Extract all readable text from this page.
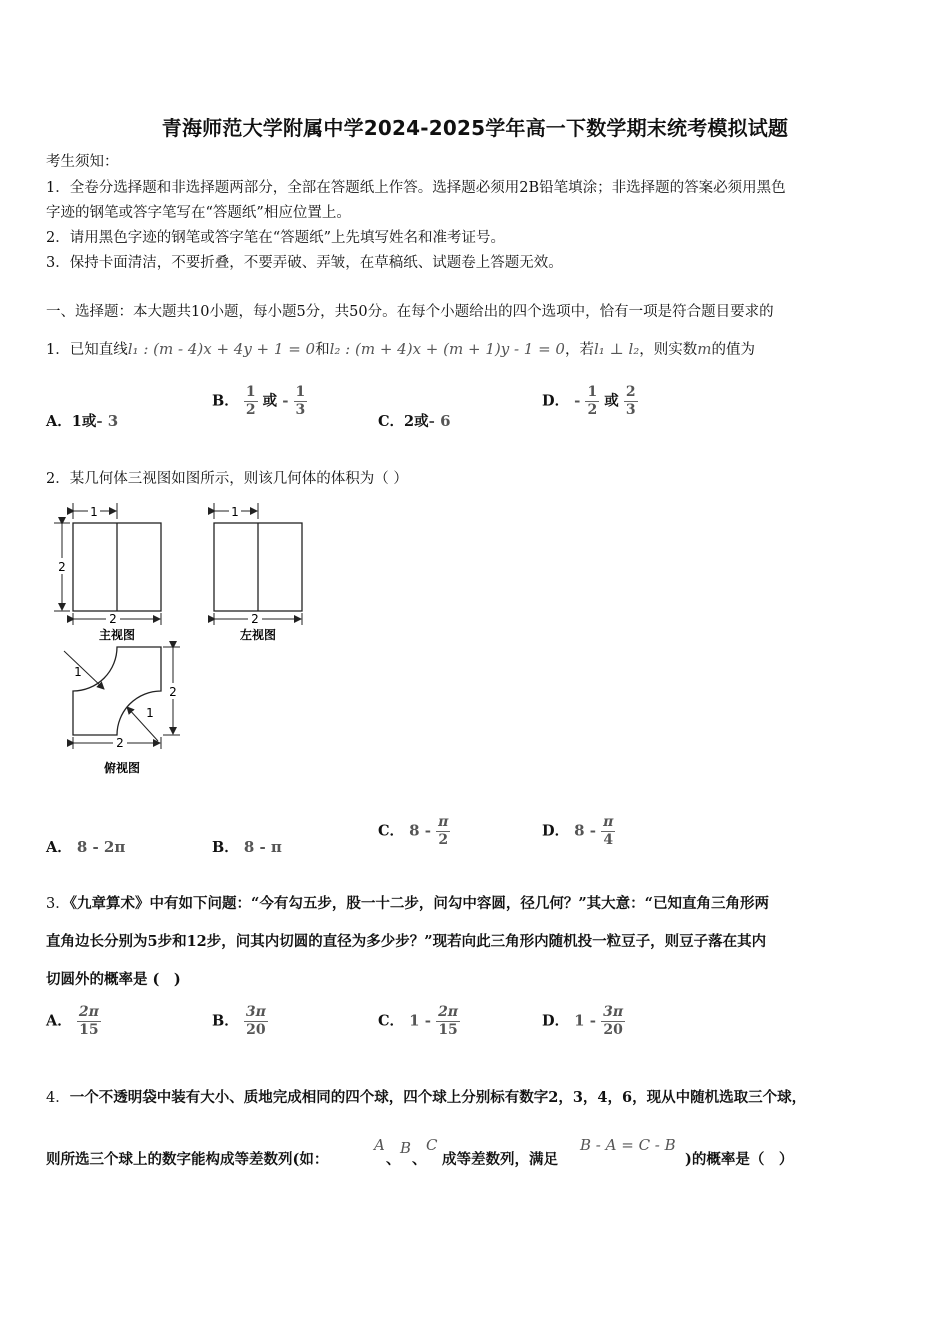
青海师范大学附属中学2024-2025学年高一下数学期末统考模拟试题
考生须知：
1．全卷分选择题和非选择题两部分，全部在答题纸上作答。选择题必须用2B铅笔填涂；非选择题的答案必须用黑色
字迹的钢笔或答字笔写在“答题纸”相应位置上。
2．请用黑色字迹的钢笔或答字笔在“答题纸”上先填写姓名和准考证号。
3．保持卡面清洁，不要折叠，不要弄破、弄皱，在草稿纸、试题卷上答题无效。
一、选择题：本大题共10小题，每小题5分，共50分。在每个小题给出的四个选项中，恰有一项是符合题目要求的
1．已知直线l₁ : (m - 4)x + 4y + 1 = 0和l₂ : (m + 4)x + (m + 1)y - 1 = 0，若l₁ ⊥ l₂，则实数m的值为
A．1或- 3
B． $\frac{1}{2}$ 或 - $\frac{1}{3}$
C．2或- 6
D． - $\frac{1}{2}$ 或 $\frac{2}{3}$
2．某几何体三视图如图所示，则该几何体的体积为（ ）
1
2
2
主视图
1
2
左视图
1
1
2
2
俯视图
A． 8 - 2π	B． 8 - π
C． $8 - \frac{\pi}{2}$	D． $8 - \frac{\pi}{4}$
3．《九章算术》中有如下问题：“今有勾五步，股一十二步，问勾中容圆，径几何？”其大意：“已知直角三角形两
直角边长分别为5步和12步，问其内切圆的直径为多少步？”现若向此三角形内随机投一粒豆子，则豆子落在其内
切圆外的概率是 (　)
A． $\frac{2\pi}{15}$	B． $\frac{3\pi}{20}$	C． $1 - \frac{2\pi}{15}$	D． $1 - \frac{3\pi}{20}$
4．一个不透明袋中装有大小、质地完成相同的四个球，四个球上分别标有数字2，3，4，6，现从中随机选取三个球，
则所选三个球上的数字能构成等差数列(如：
A
、
B
、
C
成等差数列，满足
B - A = C - B
)的概率是（　）
